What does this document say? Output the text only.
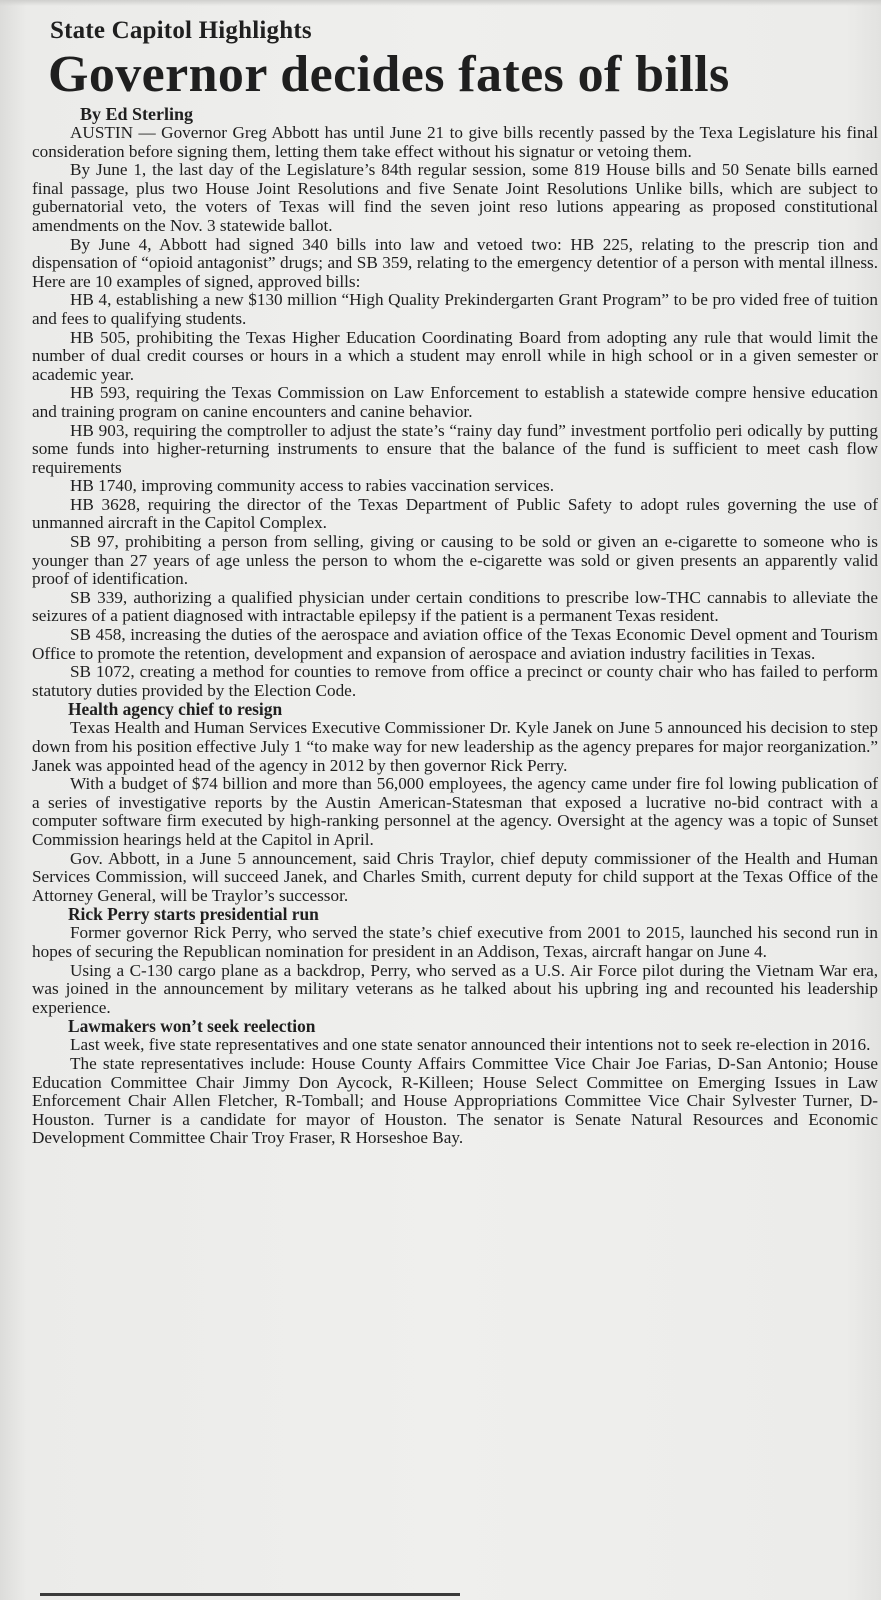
State Capitol Highlights
Governor decides fates of bills
By Ed Sterling

AUSTIN — Governor Greg Abbott has until June 21 to give bills recently passed by the Texa Legislature his final consideration before signing them, letting them take effect without his signatur or vetoing them.

By June 1, the last day of the Legislature’s 84th regular session, some 819 House bills and 50 Senate bills earned final passage, plus two House Joint Resolutions and five Senate Joint Resolutions Unlike bills, which are subject to gubernatorial veto, the voters of Texas will find the seven joint reso lutions appearing as proposed constitutional amendments on the Nov. 3 statewide ballot.

By June 4, Abbott had signed 340 bills into law and vetoed two: HB 225, relating to the prescrip tion and dispensation of “opioid antagonist” drugs; and SB 359, relating to the emergency detentior of a person with mental illness. Here are 10 examples of signed, approved bills:

HB 4, establishing a new $130 million “High Quality Prekindergarten Grant Program” to be pro vided free of tuition and fees to qualifying students.

HB 505, prohibiting the Texas Higher Education Coordinating Board from adopting any rule that would limit the number of dual credit courses or hours in a which a student may enroll while in high school or in a given semester or academic year.

HB 593, requiring the Texas Commission on Law Enforcement to establish a statewide compre hensive education and training program on canine encounters and canine behavior.

HB 903, requiring the comptroller to adjust the state’s “rainy day fund” investment portfolio peri odically by putting some funds into higher-returning instruments to ensure that the balance of the fund is sufficient to meet cash flow requirements

HB 1740, improving community access to rabies vaccination services.

HB 3628, requiring the director of the Texas Department of Public Safety to adopt rules governing the use of unmanned aircraft in the Capitol Complex.

SB 97, prohibiting a person from selling, giving or causing to be sold or given an e-cigarette to someone who is younger than 27 years of age unless the person to whom the e-cigarette was sold or given presents an apparently valid proof of identification.

SB 339, authorizing a qualified physician under certain conditions to prescribe low-THC cannabis to alleviate the seizures of a patient diagnosed with intractable epilepsy if the patient is a permanent Texas resident.

SB 458, increasing the duties of the aerospace and aviation office of the Texas Economic Devel opment and Tourism Office to promote the retention, development and expansion of aerospace and aviation industry facilities in Texas.

SB 1072, creating a method for counties to remove from office a precinct or county chair who has failed to perform statutory duties provided by the Election Code.

Health agency chief to resign

Texas Health and Human Services Executive Commissioner Dr. Kyle Janek on June 5 announced his decision to step down from his position effective July 1 “to make way for new leadership as the agency prepares for major reorganization.” Janek was appointed head of the agency in 2012 by then governor Rick Perry.

With a budget of $74 billion and more than 56,000 employees, the agency came under fire fol lowing publication of a series of investigative reports by the Austin American-Statesman that exposed a lucrative no-bid contract with a computer software firm executed by high-ranking personnel at the agency. Oversight at the agency was a topic of Sunset Commission hearings held at the Capitol in April.

Gov. Abbott, in a June 5 announcement, said Chris Traylor, chief deputy commissioner of the Health and Human Services Commission, will succeed Janek, and Charles Smith, current deputy for child support at the Texas Office of the Attorney General, will be Traylor’s successor.

Rick Perry starts presidential run

Former governor Rick Perry, who served the state’s chief executive from 2001 to 2015, launched his second run in hopes of securing the Republican nomination for president in an Addison, Texas, aircraft hangar on June 4.

Using a C-130 cargo plane as a backdrop, Perry, who served as a U.S. Air Force pilot during the Vietnam War era, was joined in the announcement by military veterans as he talked about his upbring ing and recounted his leadership experience.

Lawmakers won’t seek reelection

Last week, five state representatives and one state senator announced their intentions not to seek re-election in 2016.

The state representatives include: House County Affairs Committee Vice Chair Joe Farias, D-San Antonio; House Education Committee Chair Jimmy Don Aycock, R-Killeen; House Select Committee on Emerging Issues in Law Enforcement Chair Allen Fletcher, R-Tomball; and House Appropriations Committee Vice Chair Sylvester Turner, D-Houston. Turner is a candidate for mayor of Houston. The senator is Senate Natural Resources and Economic Development Committee Chair Troy Fraser, R Horseshoe Bay.
